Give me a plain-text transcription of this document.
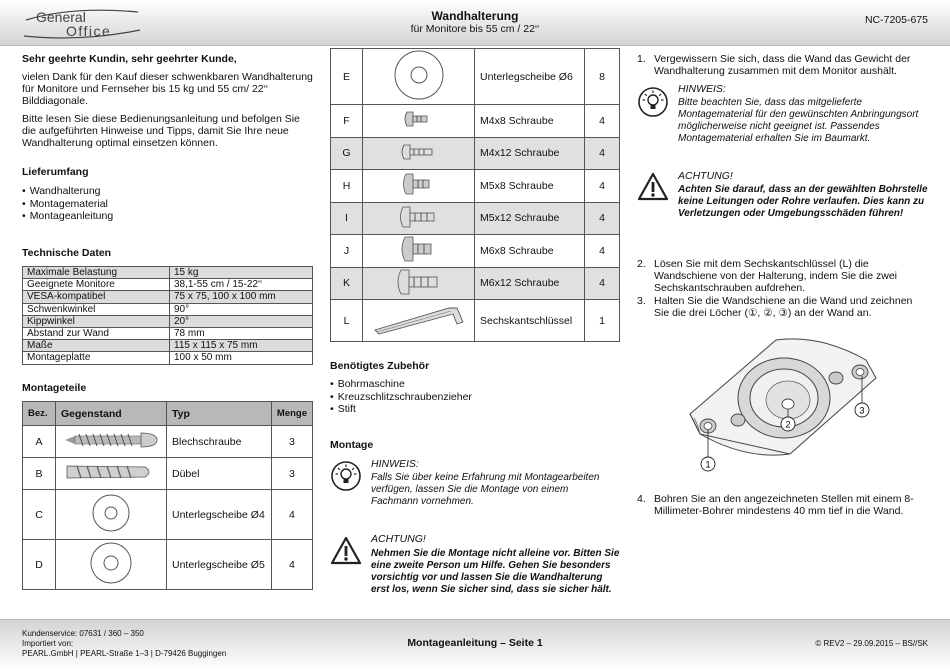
General
Office
Wandhalterung
für Monitore bis 55 cm / 22‘‘
NC-7205-675
Sehr geehrte Kundin, sehr geehrter Kunde,
vielen Dank für den Kauf dieser schwenkbaren Wandhalterung für Monitore und Fernseher bis 15 kg und 55 cm/ 22‘‘ Bilddiagonale.
Bitte lesen Sie diese Bedienungsanleitung und befolgen Sie die aufgeführten Hinweise und Tipps, damit Sie Ihre neue Wandhalterung optimal einsetzen können.
Lieferumfang
• Wandhalterung
• Montagematerial
• Montageanleitung
Technische Daten
Maximale Belastung	15 kg
Geeignete Monitore	38,1-55 cm / 15-22‘‘
VESA-kompatibel	75 x 75, 100 x 100 mm
Schwenkwinkel	90°
Kippwinkel	20°
Abstand zur Wand	78 mm
Maße	115 x 115 x 75 mm
Montageplatte	100 x 50 mm
Montageteile
Bez.	Gegenstand	Typ	Menge
A		Blechschraube	3
B		Dübel	3
C		Unterlegscheibe Ø4	4
D		Unterlegscheibe Ø5	4
E		Unterlegscheibe Ø6	8
F		M4x8 Schraube	4
G		M4x12 Schraube	4
H		M5x8 Schraube	4
I		M5x12 Schraube	4
J		M6x8 Schraube	4
K		M6x12 Schraube	4
L		Sechskantschlüssel	1
Benötigtes Zubehör
• Bohrmaschine
• Kreuzschlitzschraubenzieher
• Stift
Montage
HINWEIS:
Falls Sie über keine Erfahrung mit Montagearbeiten verfügen, lassen Sie die Montage von einem Fachmann vornehmen.
ACHTUNG!
Nehmen Sie die Montage nicht alleine vor. Bitten Sie eine zweite Person um Hilfe. Gehen Sie besonders vorsichtig vor und lassen Sie die Wandhalterung erst los, wenn Sie sicher sind, dass sie sicher hält.
1. Vergewissern Sie sich, dass die Wand das Gewicht der Wandhalterung zusammen mit dem Monitor aushält.
HINWEIS:
Bitte beachten Sie, dass das mitgelieferte Montagematerial für den gewünschten Anbringungsort möglicherweise nicht geeignet ist. Passendes Montagematerial erhalten Sie im Baumarkt.
ACHTUNG!
Achten Sie darauf, dass an der gewählten Bohrstelle keine Leitungen oder Rohre verlaufen. Dies kann zu Verletzungen oder Umgebungsschäden führen!
2. Lösen Sie mit dem Sechskantschlüssel (L) die Wandschiene von der Halterung, indem Sie die zwei Sechskantschrauben aufdrehen.
3. Halten Sie die Wandschiene an die Wand und zeichnen Sie die drei Löcher (①, ②, ③) an der Wand an.
1
2
3
4. Bohren Sie an den angezeichneten Stellen mit einem 8-Millimeter-Bohrer mindestens 40 mm tief in die Wand.
Kundenservice: 07631 / 360 – 350
Importiert von:
PEARL.GmbH | PEARL-Straße 1–3 | D-79426 Buggingen
Montageanleitung – Seite 1	© REV2 – 29.09.2015 – BS//SK
